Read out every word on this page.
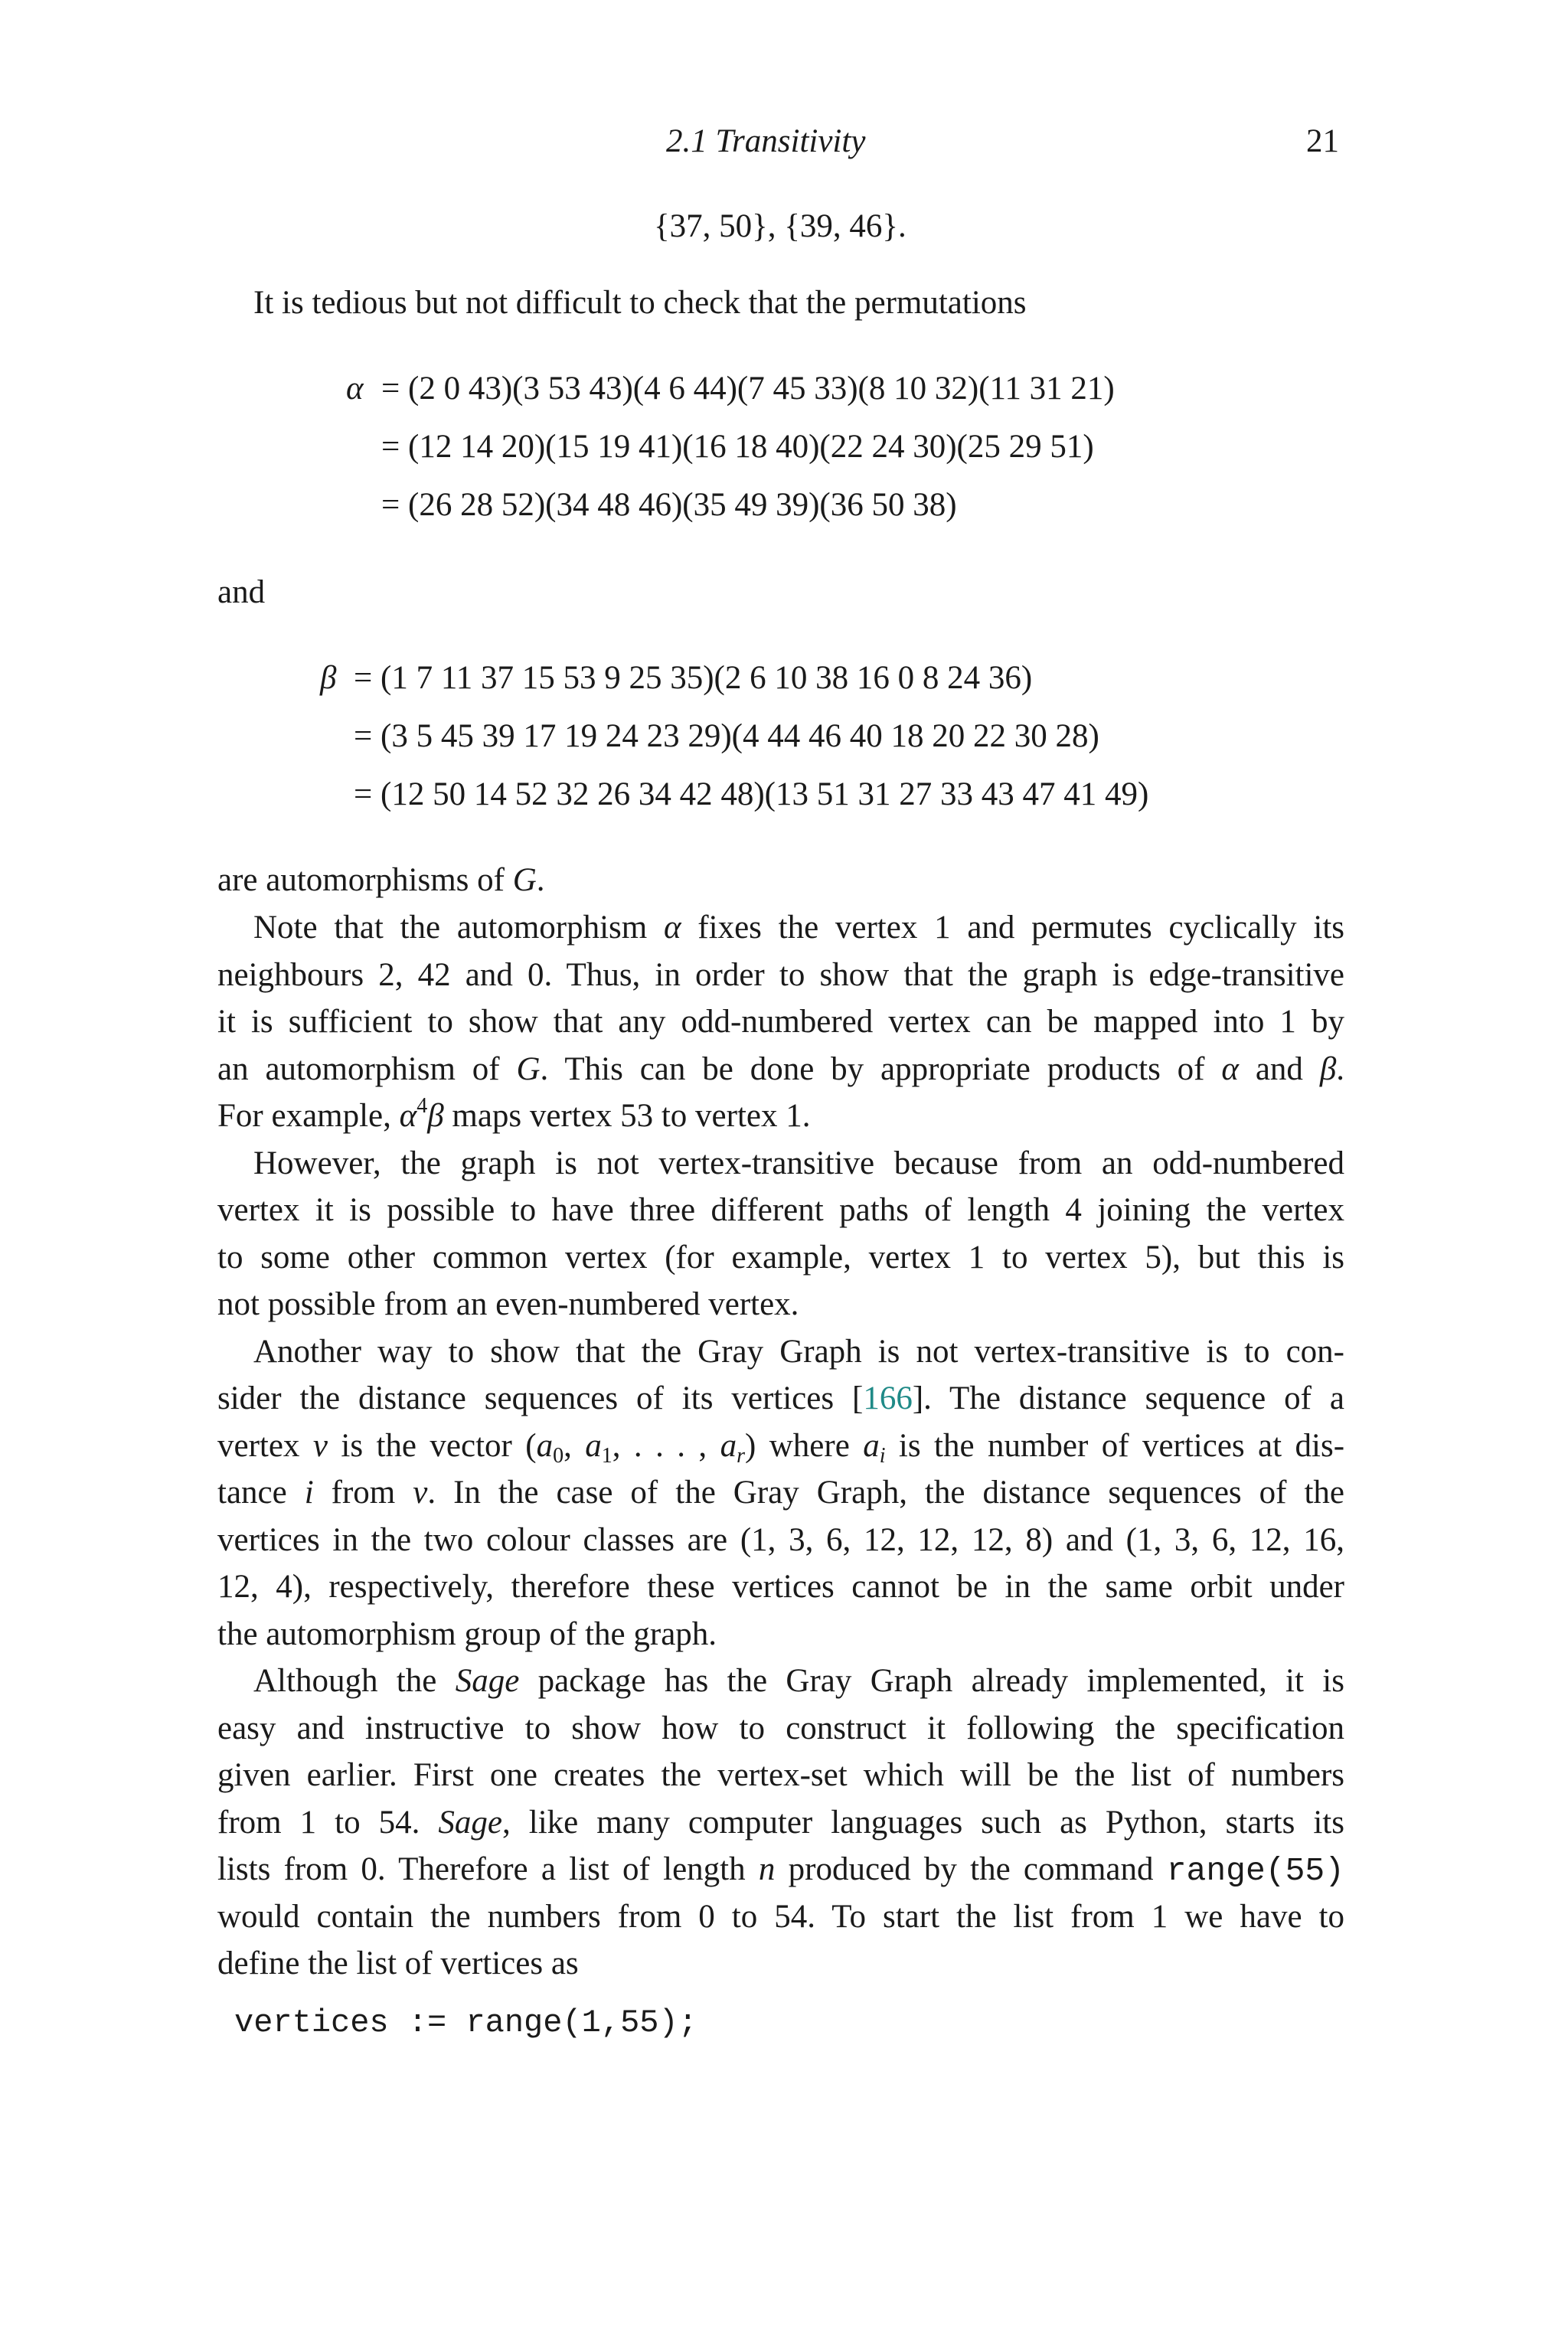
2.1 Transitivity	21
{37, 50}, {39, 46}.
It is tedious but not difficult to check that the permutations
α = (2 0 43)(3 53 43)(4 6 44)(7 45 33)(8 10 32)(11 31 21)
= (12 14 20)(15 19 41)(16 18 40)(22 24 30)(25 29 51)
= (26 28 52)(34 48 46)(35 49 39)(36 50 38)
and
β = (1 7 11 37 15 53 9 25 35)(2 6 10 38 16 0 8 24 36)
= (3 5 45 39 17 19 24 23 29)(4 44 46 40 18 20 22 30 28)
= (12 50 14 52 32 26 34 42 48)(13 51 31 27 33 43 47 41 49)
are automorphisms of G.
Note that the automorphism α fixes the vertex 1 and permutes cyclically its
neighbours 2, 42 and 0. Thus, in order to show that the graph is edge-transitive
it is sufficient to show that any odd-numbered vertex can be mapped into 1 by
an automorphism of G. This can be done by appropriate products of α and β.
For example, $\alpha^4\beta$ maps vertex 53 to vertex 1.
However, the graph is not vertex-transitive because from an odd-numbered
vertex it is possible to have three different paths of length 4 joining the vertex
to some other common vertex (for example, vertex 1 to vertex 5), but this is
not possible from an even-numbered vertex.
Another way to show that the Gray Graph is not vertex-transitive is to con-
sider the distance sequences of its vertices [166]. The distance sequence of a
vertex v is the vector ($a_0$, $a_1$, . . . , $a_r$) where $a_i$ is the number of vertices at dis-
tance i from v. In the case of the Gray Graph, the distance sequences of the
vertices in the two colour classes are (1, 3, 6, 12, 12, 12, 8) and (1, 3, 6, 12, 16,
12, 4), respectively, therefore these vertices cannot be in the same orbit under
the automorphism group of the graph.
Although the Sage package has the Gray Graph already implemented, it is
easy and instructive to show how to construct it following the specification
given earlier. First one creates the vertex-set which will be the list of numbers
from 1 to 54. Sage, like many computer languages such as Python, starts its
lists from 0. Therefore a list of length n produced by the command range(55)
would contain the numbers from 0 to 54. To start the list from 1 we have to
define the list of vertices as
vertices := range(1,55);
